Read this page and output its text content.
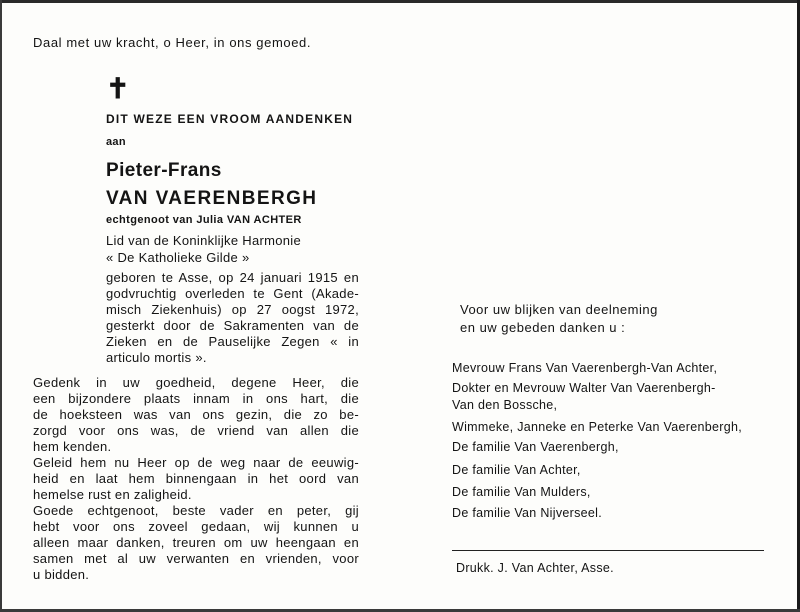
Daal met uw kracht, o Heer, in ons gemoed.
✝
DIT WEZE EEN VROOM AANDENKEN
aan
Pieter-Frans
VAN VAERENBERGH
echtgenoot van Julia VAN ACHTER
Lid van de Koninklijke Harmonie
« De Katholieke Gilde »
geboren te Asse, op 24 januari 1915 en
godvruchtig overleden te Gent (Akade-
misch Ziekenhuis) op 27 oogst 1972,
gesterkt door de Sakramenten van de
Zieken en de Pauselijke Zegen « in
articulo mortis ».
Gedenk in uw goedheid, degene Heer, die
een bijzondere plaats innam in ons hart, die
de hoeksteen was van ons gezin, die zo be-
zorgd voor ons was, de vriend van allen die
hem kenden.
Geleid hem nu Heer op de weg naar de eeuwig-
heid en laat hem binnengaan in het oord van
hemelse rust en zaligheid.
Goede echtgenoot, beste vader en peter, gij
hebt voor ons zoveel gedaan, wij kunnen u
alleen maar danken, treuren om uw heengaan en
samen met al uw verwanten en vrienden, voor
u bidden.
Voor uw blijken van deelneming
en uw gebeden danken u :
Mevrouw Frans Van Vaerenbergh-Van Achter,
Dokter en Mevrouw Walter Van Vaerenbergh-
Van den Bossche,
Wimmeke, Janneke en Peterke Van Vaerenbergh,
De familie Van Vaerenbergh,
De familie Van Achter,
De familie Van Mulders,
De familie Van Nijverseel.
Drukk. J. Van Achter, Asse.
